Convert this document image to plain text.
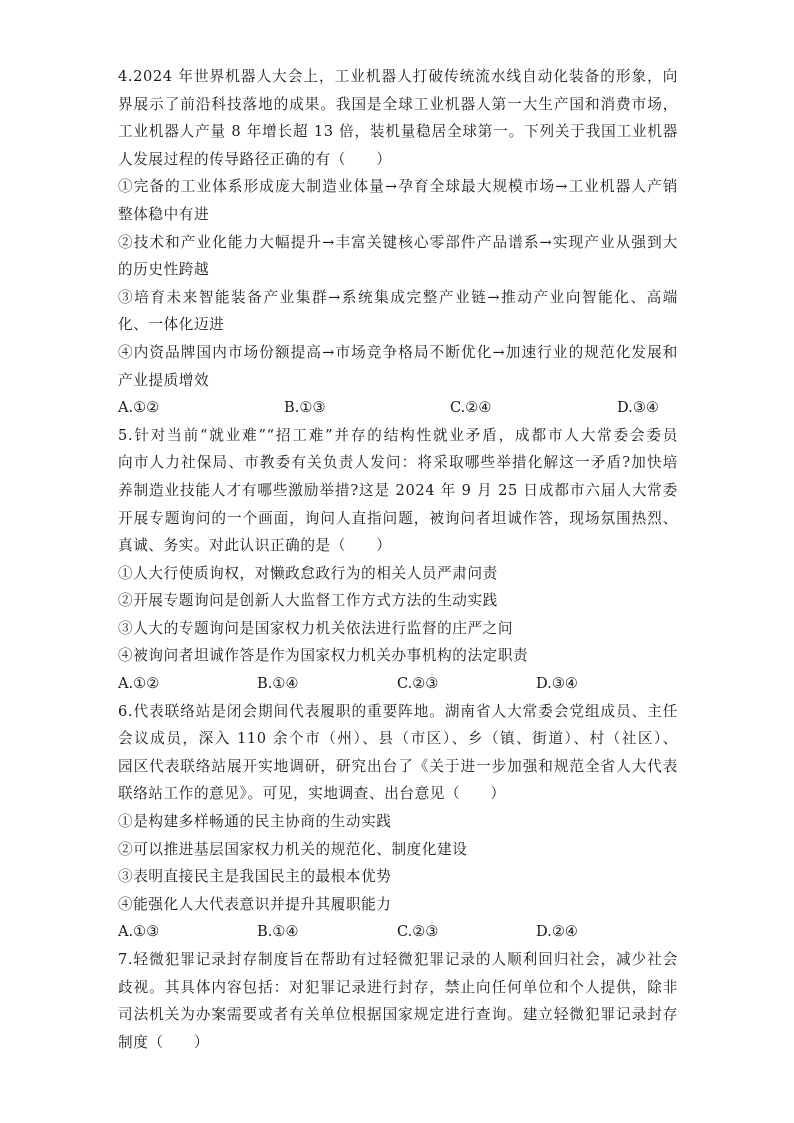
4.2024 年世界机器人大会上，工业机器人打破传统流水线自动化装备的形象，向
界展示了前沿科技落地的成果。我国是全球工业机器人第一大生产国和消费市场，
工业机器人产量 8 年增长超 13 倍，装机量稳居全球第一。下列关于我国工业机器
人发展过程的传导路径正确的有（　　）
①完备的工业体系形成庞大制造业体量→孕育全球最大规模市场→工业机器人产销
整体稳中有进
②技术和产业化能力大幅提升→丰富关键核心零部件产品谱系→实现产业从强到大
的历史性跨越
③培育未来智能装备产业集群→系统集成完整产业链→推动产业向智能化、高端
化、一体化迈进
④内资品牌国内市场份额提高→市场竞争格局不断优化→加速行业的规范化发展和
产业提质增效
A.①②	B.①③	C.②④	D.③④
5.针对当前“就业难”“招工难”并存的结构性就业矛盾，成都市人大常委会委员
向市人力社保局、市教委有关负责人发问：将采取哪些举措化解这一矛盾?加快培
养制造业技能人才有哪些激励举措?这是 2024 年 9 月 25 日成都市六届人大常委
开展专题询问的一个画面，询问人直指问题，被询问者坦诚作答，现场氛围热烈、
真诚、务实。对此认识正确的是（　　）
①人大行使质询权，对懒政怠政行为的相关人员严肃问责
②开展专题询问是创新人大监督工作方式方法的生动实践
③人大的专题询问是国家权力机关依法进行监督的庄严之问
④被询问者坦诚作答是作为国家权力机关办事机构的法定职责
A.①②	B.①④	C.②③	D.③④
6.代表联络站是闭会期间代表履职的重要阵地。湖南省人大常委会党组成员、主任
会议成员，深入 110 余个市（州）、县（市区）、乡（镇、街道）、村（社区）、
园区代表联络站展开实地调研，研究出台了《关于进一步加强和规范全省人大代表
联络站工作的意见》。可见，实地调查、出台意见（　　）
①是构建多样畅通的民主协商的生动实践
②可以推进基层国家权力机关的规范化、制度化建设
③表明直接民主是我国民主的最根本优势
④能强化人大代表意识并提升其履职能力
A.①③	B.①④	C.②③	D.②④
7.轻微犯罪记录封存制度旨在帮助有过轻微犯罪记录的人顺利回归社会，减少社会
歧视。其具体内容包括：对犯罪记录进行封存，禁止向任何单位和个人提供，除非
司法机关为办案需要或者有关单位根据国家规定进行查询。建立轻微犯罪记录封存
制度（　　）
